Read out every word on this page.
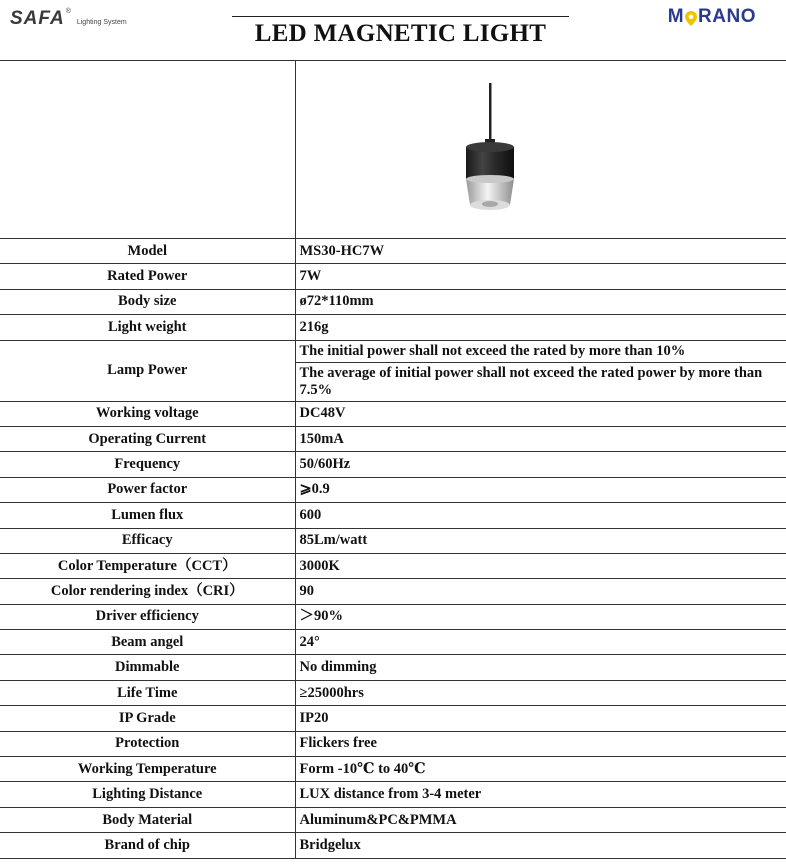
SAFA ®
Lighting System	LED MAGNETIC LIGHT
M RANO

Model	MS30-HC7W
Rated Power	7W
Body size	ø72*110mm
Light weight	216g
Lamp Power	The initial power shall not exceed the rated by more than 10%
	The average of initial power shall not exceed the rated power by more than 7.5%
Working voltage	DC48V
Operating Current	150mA
Frequency	50/60Hz
Power factor	⩾0.9
Lumen flux	600
Efficacy	85Lm/watt
Color Temperature（CCT）	3000K
Color rendering index（CRI）	90
Driver efficiency	＞90%
Beam angel	24°
Dimmable	No dimming
Life Time	≥25000hrs
IP Grade	IP20
Protection	Flickers free
Working Temperature	Form -10℃ to 40℃
Lighting Distance	LUX distance from 3-4 meter
Body Material	Aluminum&PC&PMMA
Brand of chip	Bridgelux
